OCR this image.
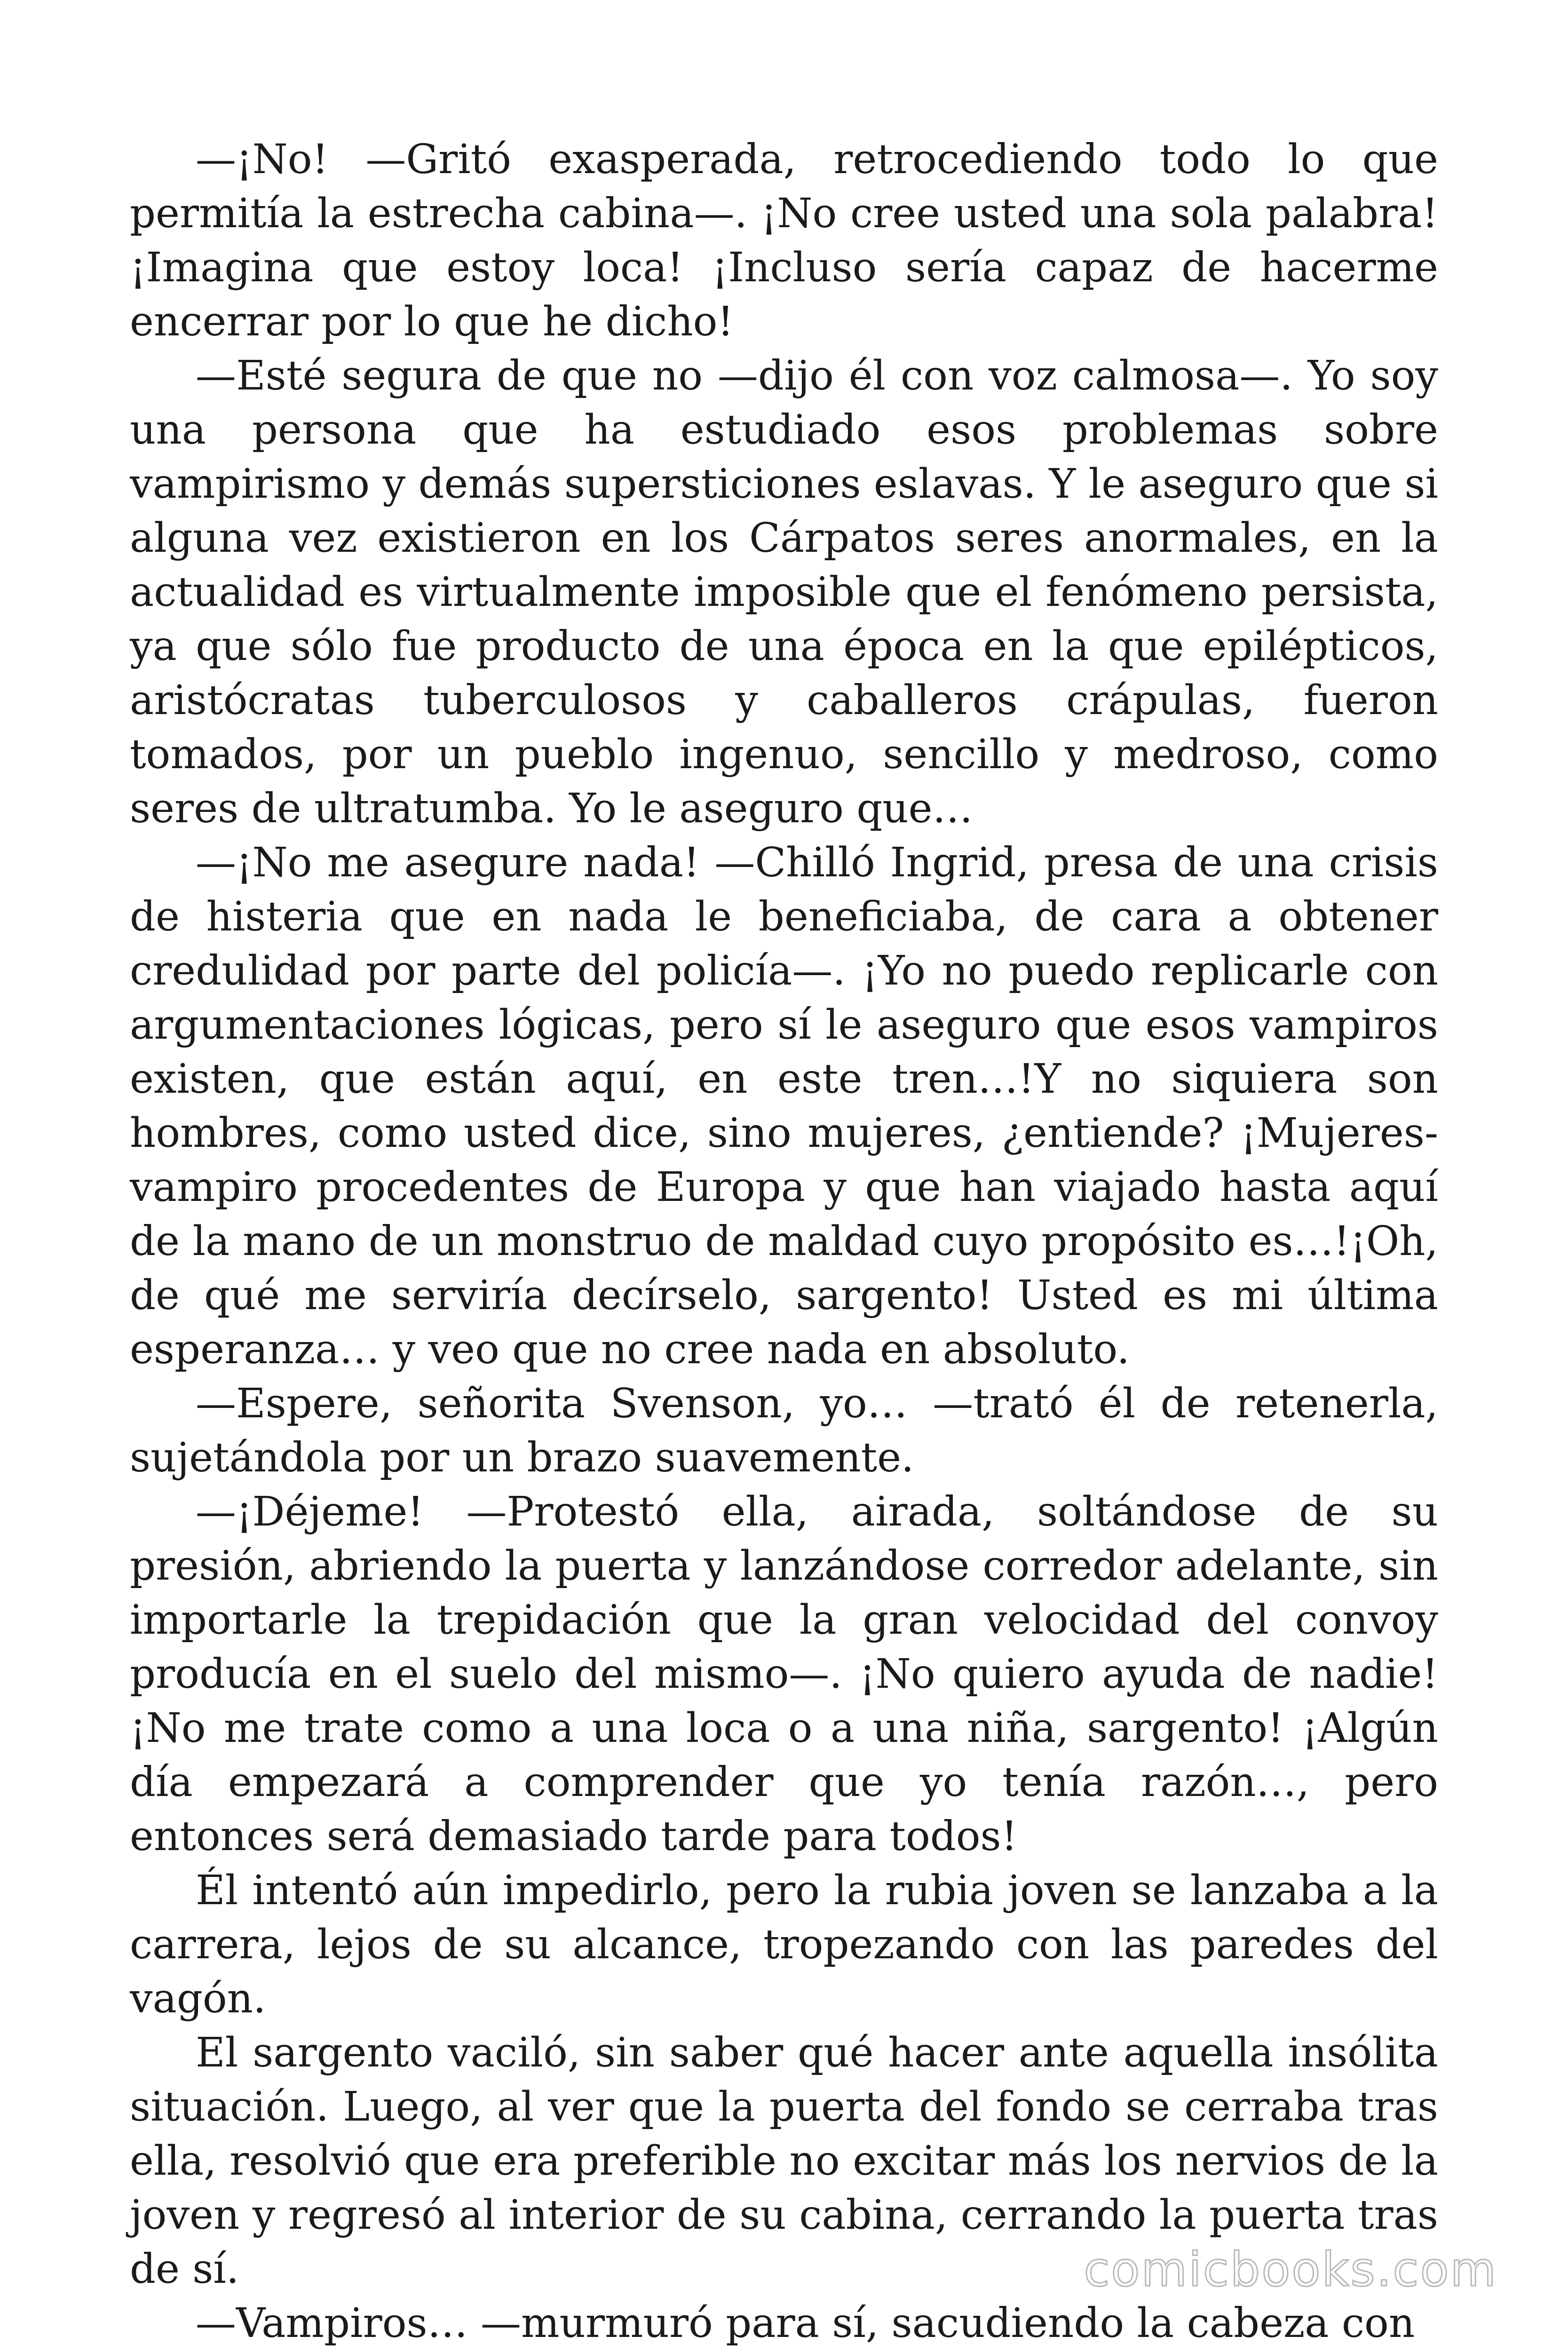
—¡No! —Gritó exasperada, retrocediendo todo lo que permitía la estrecha cabina—. ¡No cree usted una sola palabra! ¡Imagina que estoy loca! ¡Incluso sería capaz de hacerme encerrar por lo que he dicho!

—Esté segura de que no —dijo él con voz calmosa—. Yo soy una persona que ha estudiado esos problemas sobre vampirismo y demás supersticiones eslavas. Y le aseguro que si alguna vez existieron en los Cárpatos seres anormales, en la actualidad es virtualmente imposible que el fenómeno persista, ya que sólo fue producto de una época en la que epilépticos, aristócratas tuberculosos y caballeros crápulas, fueron tomados, por un pueblo ingenuo, sencillo y medroso, como seres de ultratumba. Yo le aseguro que…

—¡No me asegure nada! —Chilló Ingrid, presa de una crisis de histeria que en nada le beneficiaba, de cara a obtener credulidad por parte del policía—. ¡Yo no puedo replicarle con argumentaciones lógicas, pero sí le aseguro que esos vampiros existen, que están aquí, en este tren…!Y no siquiera son hombres, como usted dice, sino mujeres, ¿entiende? ¡Mujeres-vampiro procedentes de Europa y que han viajado hasta aquí de la mano de un monstruo de maldad cuyo propósito es…!¡Oh, de qué me serviría decírselo, sargento! Usted es mi última esperanza… y veo que no cree nada en absoluto.

—Espere, señorita Svenson, yo… —trató él de retenerla, sujetándola por un brazo suavemente.

—¡Déjeme! —Protestó ella, airada, soltándose de su presión, abriendo la puerta y lanzándose corredor adelante, sin importarle la trepidación que la gran velocidad del convoy producía en el suelo del mismo—. ¡No quiero ayuda de nadie! ¡No me trate como a una loca o a una niña, sargento! ¡Algún día empezará a comprender que yo tenía razón…, pero entonces será demasiado tarde para todos!

Él intentó aún impedirlo, pero la rubia joven se lanzaba a la carrera, lejos de su alcance, tropezando con las paredes del vagón.

El sargento vaciló, sin saber qué hacer ante aquella insólita situación. Luego, al ver que la puerta del fondo se cerraba tras ella, resolvió que era preferible no excitar más los nervios de la joven y regresó al interior de su cabina, cerrando la puerta tras de sí.

—Vampiros… —murmuró para sí, sacudiendo la cabeza con

comicbooks.com
